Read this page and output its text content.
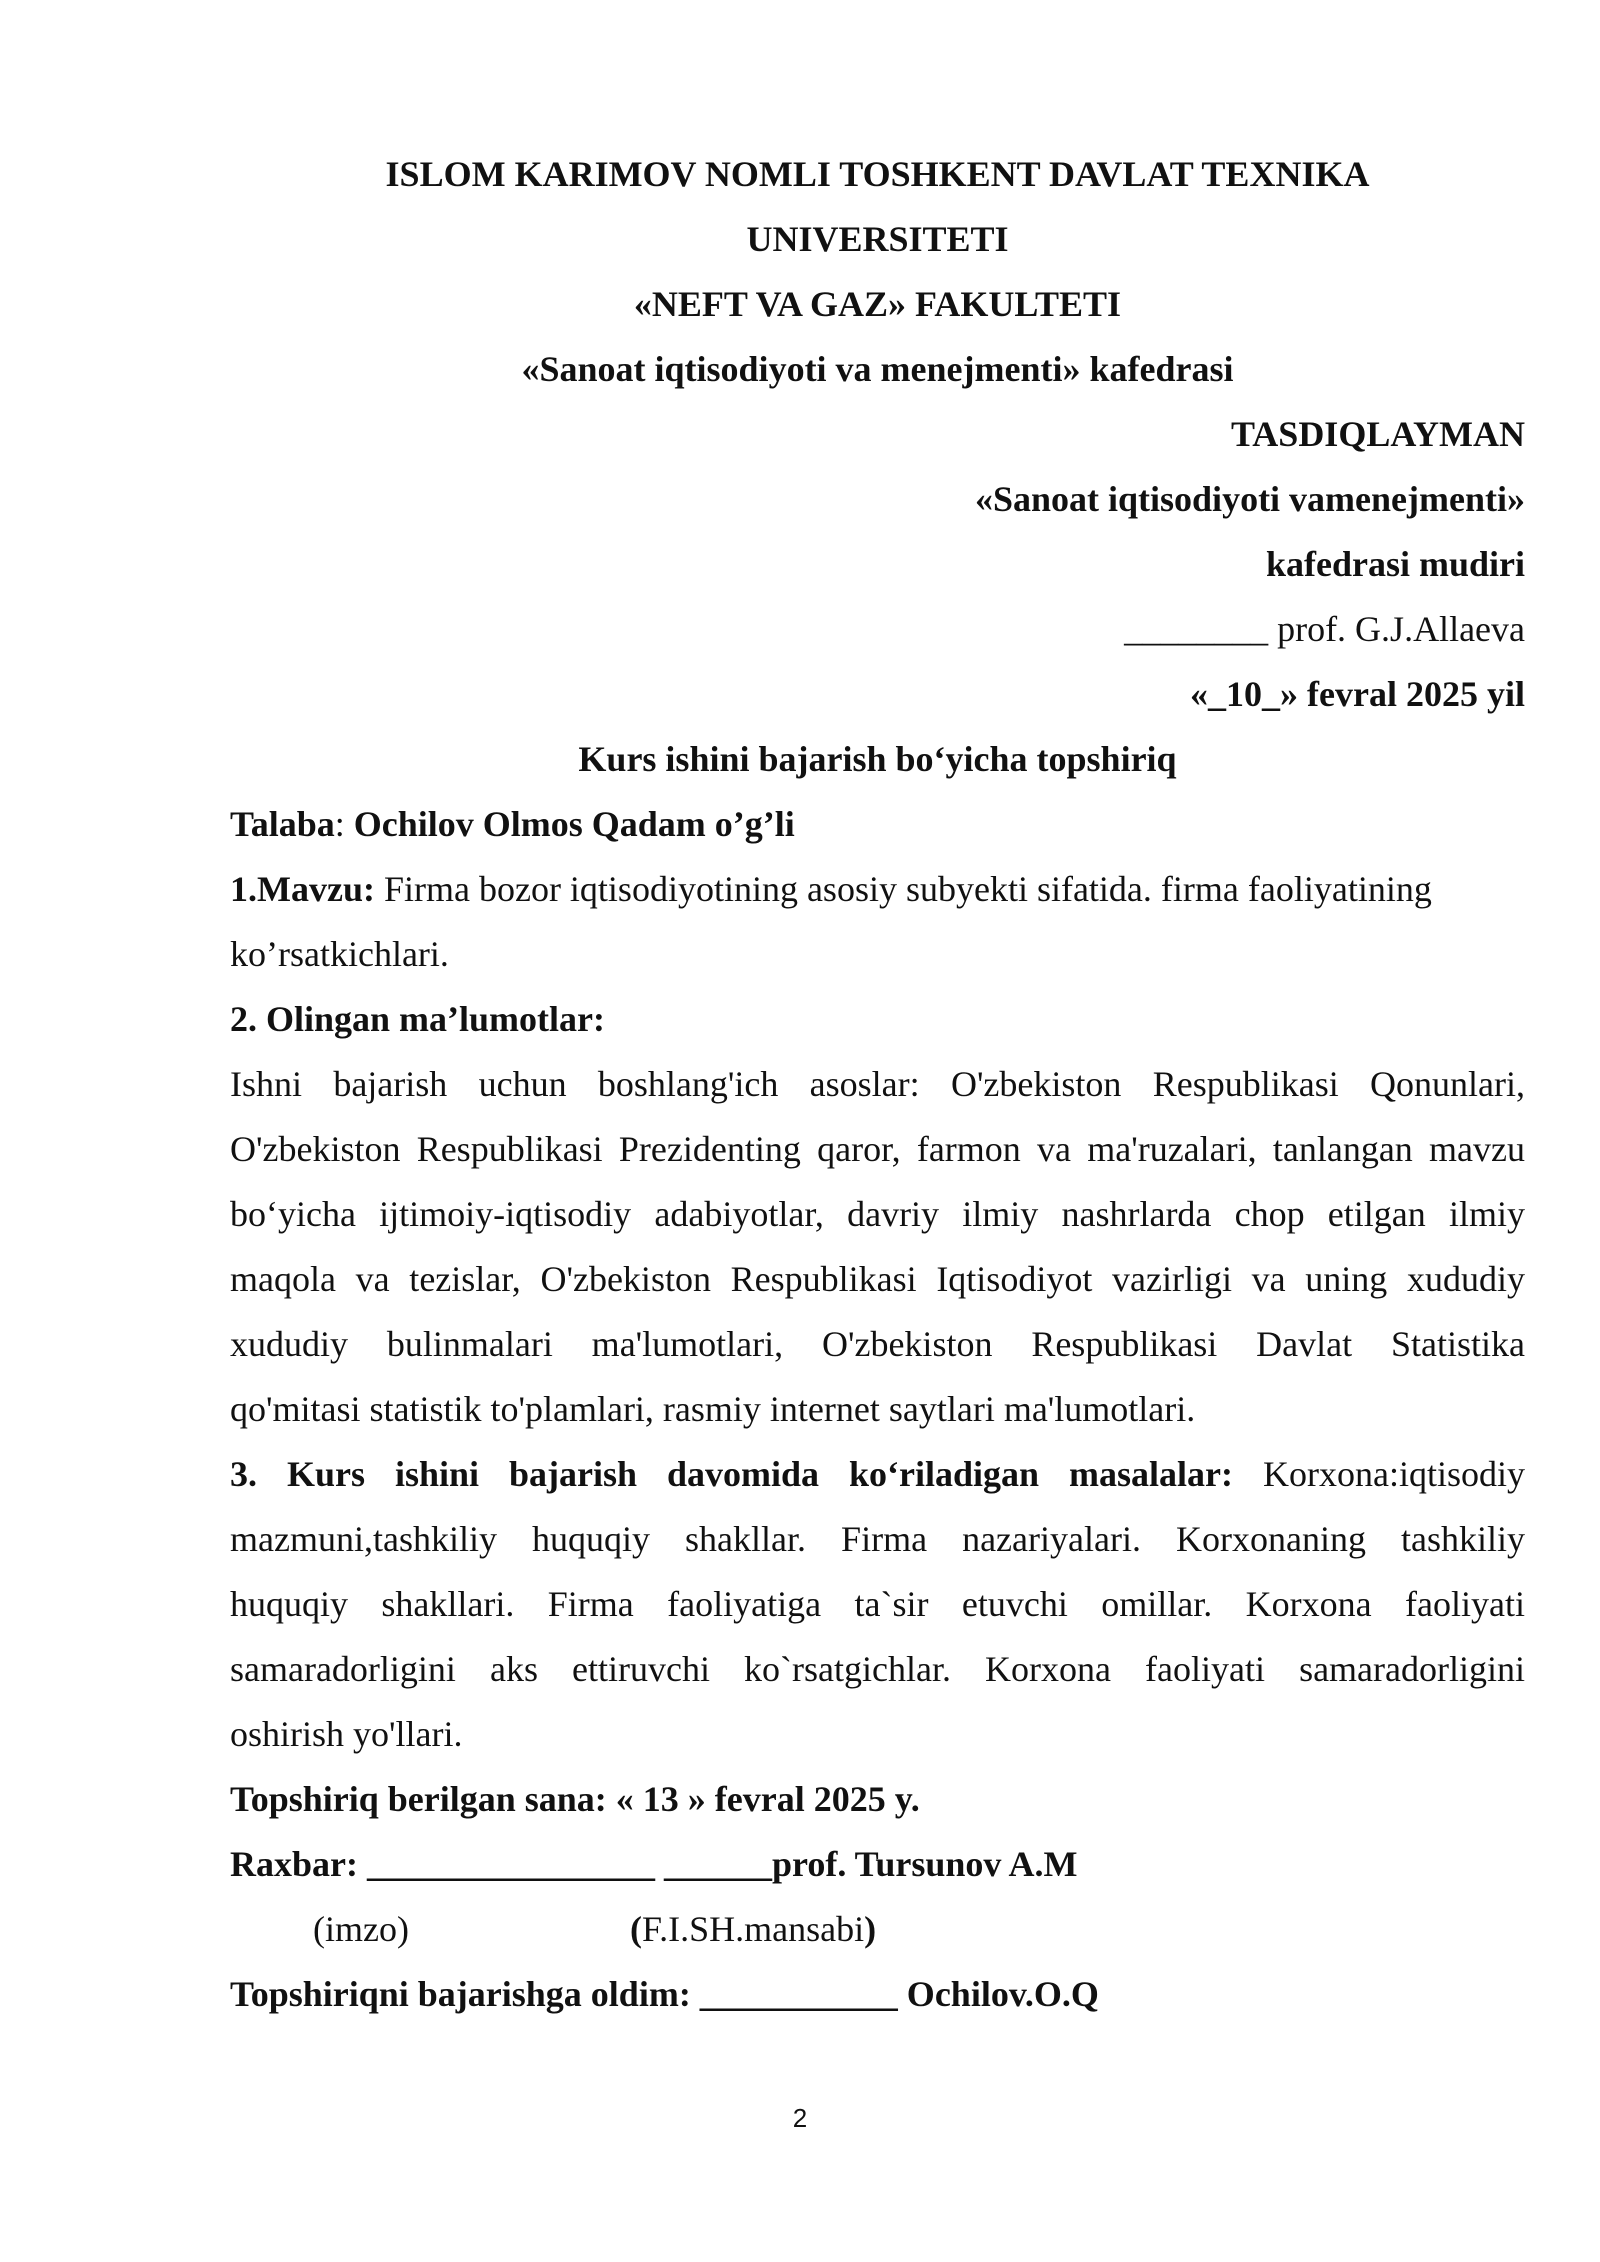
ISLOM KARIMOV NOMLI TOSHKENT DAVLAT TEXNIKA
UNIVERSITETI
«NEFT VA GAZ» FAKULTETI
«Sanoat iqtisodiyoti va menejmenti» kafedrasi
TASDIQLAYMAN
«Sanoat iqtisodiyoti vamenejmenti»
kafedrasi mudiri
________ prof. G.J.Allaeva
«_10_» fevral 2025 yil
Kurs ishini bajarish bo‘yicha topshiriq
Talaba: Ochilov Olmos Qadam o’g’li
1.Mavzu: Firma bozor iqtisodiyotining asosiy subyekti sifatida. firma faoliyatining
ko’rsatkichlari.
2. Olingan ma’lumotlar:
Ishni bajarish uchun boshlang'ich asoslar: O'zbekiston Respublikasi Qonunlari,
O'zbekiston Respublikasi Prezidenting qaror, farmon va ma'ruzalari, tanlangan mavzu
bo‘yicha ijtimoiy-iqtisodiy adabiyotlar, davriy ilmiy nashrlarda chop etilgan ilmiy
maqola va tezislar, O'zbekiston Respublikasi Iqtisodiyot vazirligi va uning xududiy
xududiy bulinmalari ma'lumotlari, O'zbekiston Respublikasi Davlat Statistika
qo'mitasi statistik to'plamlari, rasmiy internet saytlari ma'lumotlari.
3. Kurs ishini bajarish davomida ko‘riladigan masalalar: Korxona:iqtisodiy
mazmuni,tashkiliy huquqiy shakllar. Firma nazariyalari. Korxonaning tashkiliy
huquqiy shakllari. Firma faoliyatiga ta`sir etuvchi omillar. Korxona faoliyati
samaradorligini aks ettiruvchi ko`rsatgichlar. Korxona faoliyati samaradorligini
oshirish yo'llari.
Topshiriq berilgan sana: « 13 » fevral 2025 y.
Raxbar: ________________ ______prof. Tursunov A.M
(imzo)	(F.I.SH.mansabi)
Topshiriqni bajarishga oldim: ___________ Ochilov.O.Q
2
